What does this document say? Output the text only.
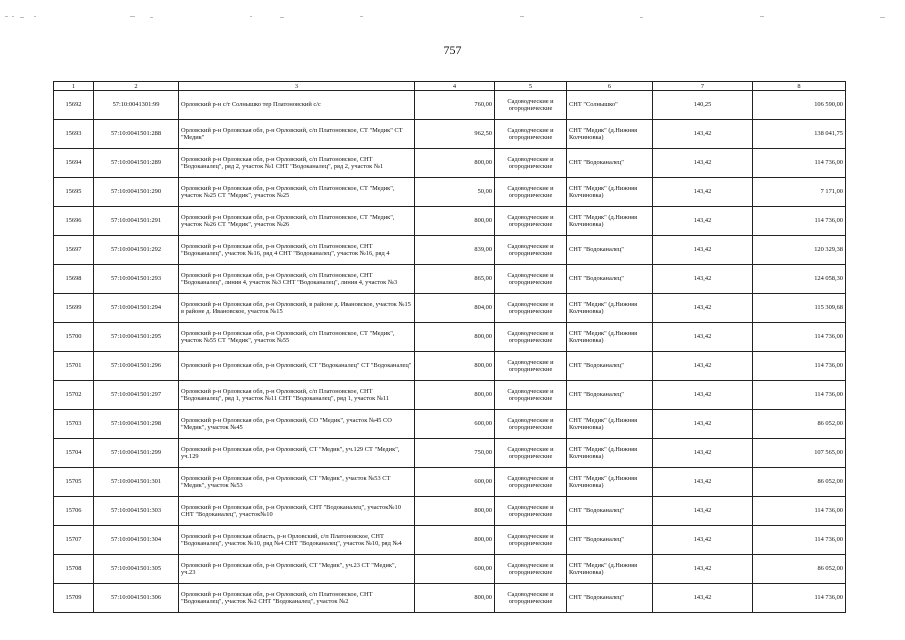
757
1	2	3	4	5	6	7	8
15692	57:10:0041301:99	Орловский р-н с/т Солнышко тер Платоновский с/с	760,00	Садоводческие и огороднические	СНТ "Солнышко"	140,25	106 590,00
15693	57:10:0041501:288	Орловский р-н Орловская обл, р-н Орловский, с/п Платоновское, СТ "Медик" СТ "Медик"	962,50	Садоводческие и огороднические	СНТ "Медик" (д.Нижняя Колчиновка)	143,42	138 041,75
15694	57:10:0041501:289	Орловский р-н Орловская обл, р-н Орловский, с/п Платоновское, СНТ "Водоканалец", ряд 2, участок №1 СНТ "Водоканалец", ряд 2, участок №1	800,00	Садоводческие и огороднические	СНТ "Водоканалец"	143,42	114 736,00
15695	57:10:0041501:290	Орловский р-н Орловская обл, р-н Орловский, с/п Платоновское, СТ "Медик", участок №25 СТ "Медик", участок №25	50,00	Садоводческие и огороднические	СНТ "Медик" (д.Нижняя Колчиновка)	143,42	7 171,00
15696	57:10:0041501:291	Орловский р-н Орловская обл, р-н Орловский, с/п Платоновское, СТ "Медик", участок №26 СТ "Медик", участок №26	800,00	Садоводческие и огороднические	СНТ "Медик" (д.Нижняя Колчиновка)	143,42	114 736,00
15697	57:10:0041501:292	Орловский р-н Орловская обл, р-н Орловский, с/п Платоновское, СНТ "Водоканалец", участок №16, ряд 4 СНТ "Водоканалец", участок №16, ряд 4	839,00	Садоводческие и огороднические	СНТ "Водоканалец"	143,42	120 329,38
15698	57:10:0041501:293	Орловский р-н Орловская обл, р-н Орловский, с/п Платоновское, СНТ "Водоканалец", линия 4, участок №3 СНТ "Водоканалец", линия 4, участок №3	865,00	Садоводческие и огороднические	СНТ "Водоканалец"	143,42	124 058,30
15699	57:10:0041501:294	Орловский р-н Орловская обл, р-н Орловский, в районе д. Ивановское, участок №15 в районе д. Ивановское, участок №15	804,00	Садоводческие и огороднические	СНТ "Медик" (д.Нижняя Колчиновка)	143,42	115 309,68
15700	57:10:0041501:295	Орловский р-н Орловская обл, р-н Орловский, с/п Платоновское, СТ "Медик", участок №55 СТ "Медик", участок №55	800,00	Садоводческие и огороднические	СНТ "Медик" (д.Нижняя Колчиновка)	143,42	114 736,00
15701	57:10:0041501:296	Орловский р-н Орловская обл, р-н Орловский, СТ "Водоканалец" СТ "Водоканалец"	800,00	Садоводческие и огороднические	СНТ "Водоканалец"	143,42	114 736,00
15702	57:10:0041501:297	Орловский р-н Орловская обл, р-н Орловский, с/п Платоновское, СНТ "Водоканалец", ряд 1, участок №11 СНТ "Водоканалец", ряд 1, участок №11	800,00	Садоводческие и огороднические	СНТ "Водоканалец"	143,42	114 736,00
15703	57:10:0041501:298	Орловский р-н Орловская обл, р-н Орловский, СО "Медик", участок №45 СО "Медик", участок №45	600,00	Садоводческие и огороднические	СНТ "Медик" (д.Нижняя Колчиновка)	143,42	86 052,00
15704	57:10:0041501:299	Орловский р-н Орловская обл, р-н Орловский, СТ "Медик", уч.129 СТ "Медик", уч.129	750,00	Садоводческие и огороднические	СНТ "Медик" (д.Нижняя Колчиновка)	143,42	107 565,00
15705	57:10:0041501:301	Орловский р-н Орловская обл, р-н Орловский, СТ "Медик", участок №53 СТ "Медик", участок №53	600,00	Садоводческие и огороднические	СНТ "Медик" (д.Нижняя Колчиновка)	143,42	86 052,00
15706	57:10:0041501:303	Орловский р-н Орловская обл, р-н Орловский, СНТ "Водоканалец", участок№10 СНТ "Водоканалец", участок№10	800,00	Садоводческие и огороднические	СНТ "Водоканалец"	143,42	114 736,00
15707	57:10:0041501:304	Орловский р-н Орловская область, р-н Орловский, с/п Платоновское, СНТ "Водоканалец", участок №10, ряд №4 СНТ "Водоканалец", участок №10, ряд №4	800,00	Садоводческие и огороднические	СНТ "Водоканалец"	143,42	114 736,00
15708	57:10:0041501:305	Орловский р-н Орловская обл, р-н Орловский, СТ "Медик", уч.23 СТ "Медик", уч.23	600,00	Садоводческие и огороднические	СНТ "Медик" (д.Нижняя Колчиновка)	143,42	86 052,00
15709	57:10:0041501:306	Орловский р-н Орловская обл, р-н Орловский, с/п Платоновское, СНТ "Водоканалец", участок №2 СНТ "Водоканалец", участок №2	800,00	Садоводческие и огороднические	СНТ "Водоканалец"	143,42	114 736,00
